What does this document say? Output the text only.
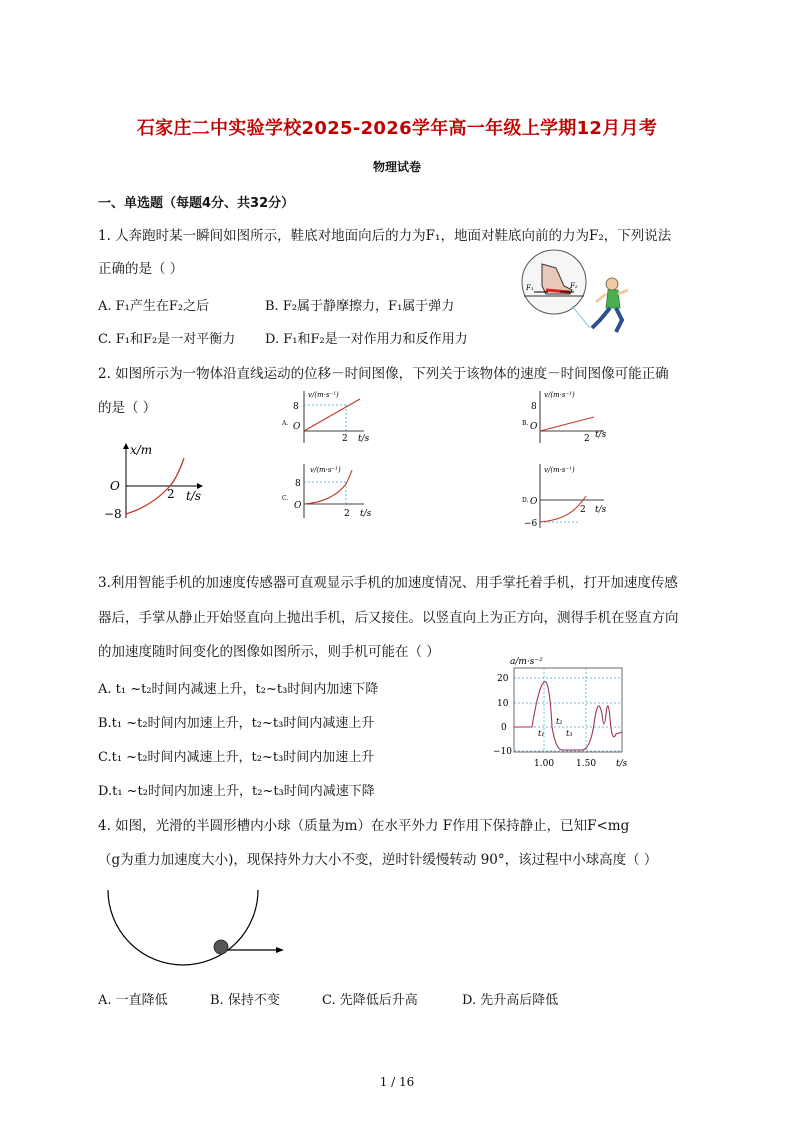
石家庄二中实验学校2025-2026学年高一年级上学期12月月考
物理试卷
一、单选题（每题4分、共32分）
1. 人奔跑时某一瞬间如图所示，鞋底对地面向后的力为F₁，地面对鞋底向前的力为F₂，下列说法
正确的是（ ）
A. F₁产生在F₂之后	B. F₂属于静摩擦力，F₁属于弹力
C. F₁和F₂是一对平衡力 D. F₁和F₂是一对作用力和反作用力
F₁	F₂
2. 如图所示为一物体沿直线运动的位移－时间图像，下列关于该物体的速度－时间图像可能正确
的是（ ）
x/m
t/s
O
−8
2
A.
v/(m·s⁻¹)
8
O
2 t/s
B.
v/(m·s⁻¹)
8
O
2 t/s
C.
v/(m·s⁻¹)
8
O
2 t/s
D.
v/(m·s⁻¹)
O
−6
2 t/s
3.利用智能手机的加速度传感器可直观显示手机的加速度情况、用手掌托着手机，打开加速度传感
器后，手掌从静止开始竖直向上抛出手机，后又接住。以竖直向上为正方向，测得手机在竖直方向
的加速度随时间变化的图像如图所示，则手机可能在（ ）
A. t₁ ~t₂时间内减速上升，t₂~t₃时间内加速下降
B.t₁ ~t₂时间内加速上升，t₂~t₃时间内减速上升
C.t₁ ~t₂时间内减速上升，t₂~t₃时间内加速上升
D.t₁ ~t₂时间内加速上升，t₂~t₃时间内减速下降
a/m·s⁻²
20
10
0
−10
1.00 1.50 t/s
t₁
t₂
t₃
4. 如图，光滑的半圆形槽内小球（质量为m）在水平外力 F作用下保持静止，已知F<mg
（g为重力加速度大小)，现保持外力大小不变，逆时针缓慢转动 90°，该过程中小球高度（ ）
A. 一直降低	B. 保持不变	C. 先降低后升高	D. 先升高后降低
1 / 16
